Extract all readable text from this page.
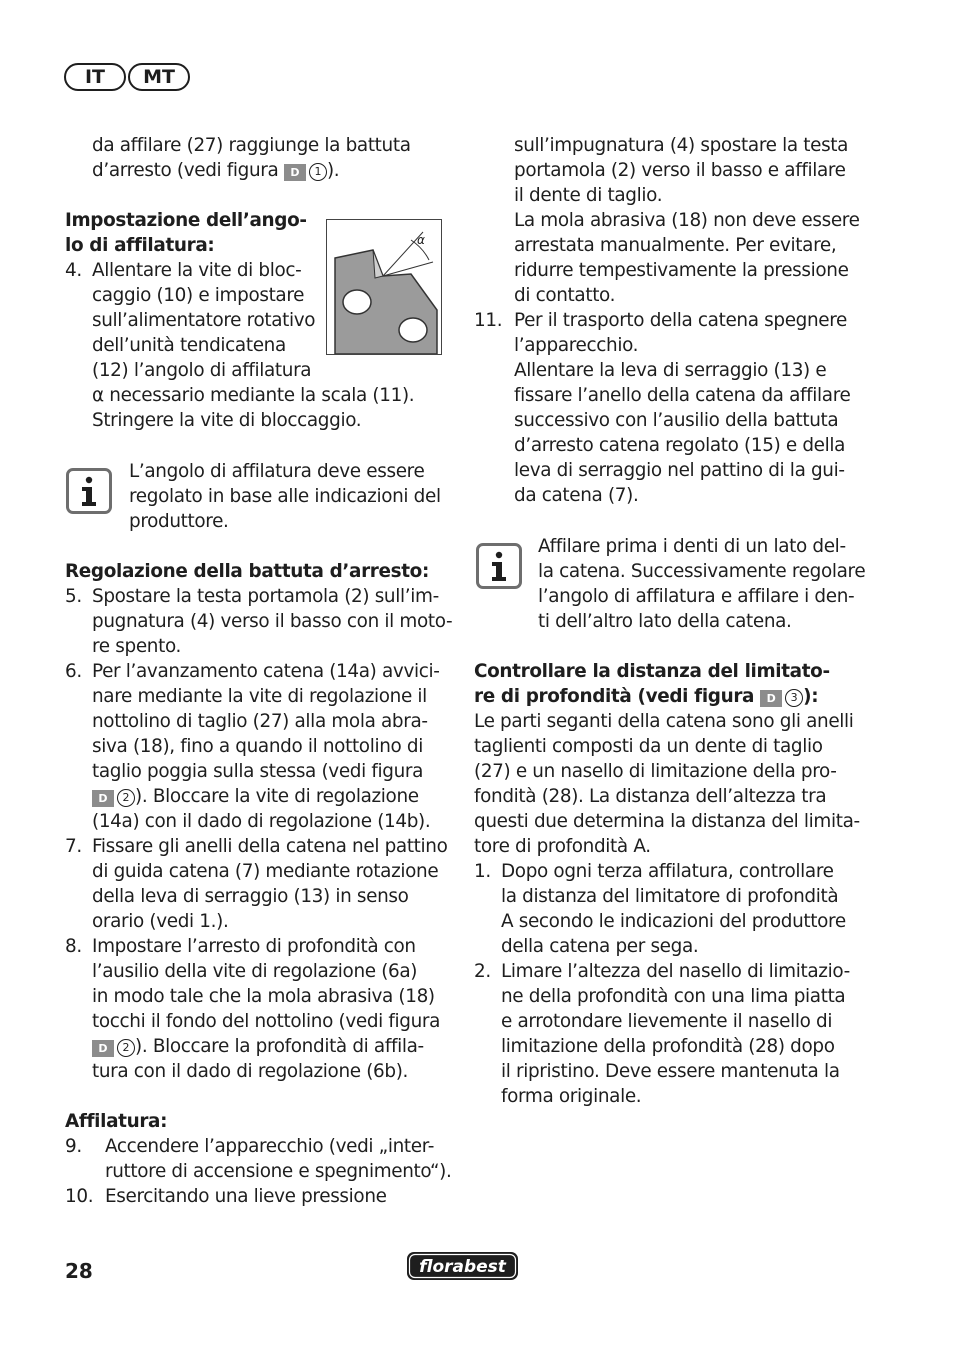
IT	MT
da affilare (27) raggiunge la battuta
d’arresto (vedi figura D 1 ).
Impostazione dell’ango-
lo di affilatura:	α
4. Allentare la vite di bloc-
caggio (10) e impostare
sull’alimentatore rotativo
dell’unità tendicatena
(12) l’angolo di affilatura
α necessario mediante la scala (11).
Stringere la vite di bloccaggio.
L’angolo di affilatura deve essere
regolato in base alle indicazioni del
produttore.
Regolazione della battuta d’arresto:
5. Spostare la testa portamola (2) sull’im-
pugnatura (4) verso il basso con il moto-
re spento.
6. Per l’avanzamento catena (14a) avvici-
nare mediante la vite di regolazione il
nottolino di taglio (27) alla mola abra-
siva (18), fino a quando il nottolino di
taglio poggia sulla stessa (vedi figura
D 2 ). Bloccare la vite di regolazione
(14a) con il dado di regolazione (14b).
7. Fissare gli anelli della catena nel pattino
di guida catena (7) mediante rotazione
della leva di serraggio (13) in senso
orario (vedi 1.).
8. Impostare l’arresto di profondità con
l’ausilio della vite di regolazione (6a)
in modo tale che la mola abrasiva (18)
tocchi il fondo del nottolino (vedi figura
D 2 ). Bloccare la profondità di affila-
tura con il dado di regolazione (6b).
Affilatura:
9. Accendere l’apparecchio (vedi „inter-
ruttore di accensione e spegnimento“).
10. Esercitando una lieve pressione
sull’impugnatura (4) spostare la testa
portamola (2) verso il basso e affilare
il dente di taglio.
La mola abrasiva (18) non deve essere
arrestata manualmente. Per evitare,
ridurre tempestivamente la pressione
di contatto.
11. Per il trasporto della catena spegnere
l’apparecchio.
Allentare la leva di serraggio (13) e
fissare l’anello della catena da affilare
successivo con l’ausilio della battuta
d’arresto catena regolato (15) e della
leva di serraggio nel pattino di la gui-
da catena (7).
Affilare prima i denti di un lato del-
la catena. Successivamente regolare
l’angolo di affilatura e affilare i den-
ti dell’altro lato della catena.
Controllare la distanza del limitato-
re di profondità (vedi figura D 3 ):
Le parti seganti della catena sono gli anelli
taglienti composti da un dente di taglio
(27) e un nasello di limitazione della pro-
fondità (28). La distanza dell’altezza tra
questi due determina la distanza del limita-
tore di profondità A.
1. Dopo ogni terza affilatura, controllare
la distanza del limitatore di profondità
A secondo le indicazioni del produttore
della catena per sega.
2. Limare l’altezza del nasello di limitazio-
ne della profondità con una lima piatta
e arrotondare lievemente il nasello di
limitazione della profondità (28) dopo
il ripristino. Deve essere mantenuta la
forma originale.
28	florabest
